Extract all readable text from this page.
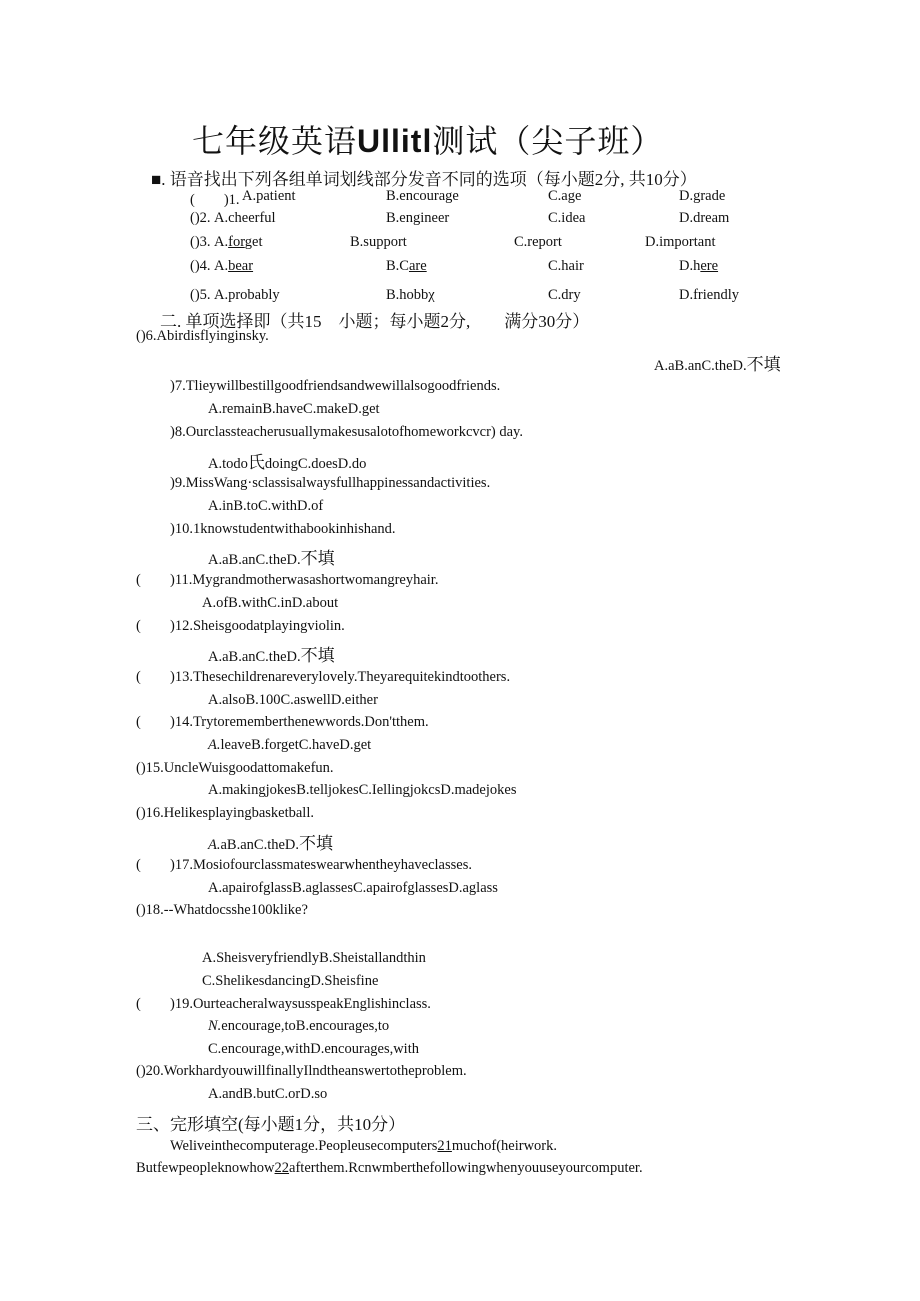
七年级英语Ullitl测试（尖子班）
■. 语音找出下列各组单词划线部分发音不同的选项（每小题2分, 共10分）
(　　)1. A.patient	B.encourage	C.age	D.grade
()2. A.cheerful	B.engineer	C.idea	D.dream
()3. A.forget	B.support	C.report	D.important
()4. A.bear	B.Care	C.hair	D.here
()5. A.probably	B.hobbχ	C.dry	D.friendly
二. 单项选择即（共15　小题；每小题2分,　　满分30分）
()6.Abirdisflyinginsky.
A.aB.anC.theD.不填
)7.Tlieywillbestillgoodfriendsandwewillalsogoodfriends.
A.remainB.haveC.makeD.get
)8.Ourclassteacherusuallymakesusalotofhomeworkcvcr) day.
A.todo氏doingC.doesD.do
)9.MissWang·sclassisalwaysfullhappinessandactivities.
A.inB.toC.withD.of
)10.1knowstudentwithabookinhishand.
A.aB.anC.theD.不填
( )11.Mygrandmotherwasashortwomangreyhair.
A.ofB.withC.inD.about
( )12.Sheisgoodatplayingviolin.
A.aB.anC.theD.不填
( )13.Thesechildrenareverylovely.Theyarequitekindtoothers.
A.alsoB.100C.aswellD.either
( )14.Trytorememberthenewwords.Don'tthem.
A.leaveB.forgetC.haveD.get
()15.UncleWuisgoodattomakefun.
A.makingjokesB.telljokesC.IellingjokcsD.madejokes
()16.Helikesplayingbasketball.
A.aB.anC.theD.不填
( )17.Mosiofourclassmateswearwhentheyhaveclasses.
A.apairofglassB.aglassesC.apairofglassesD.aglass
()18.--Whatdocsshe100klike?
A.SheisveryfriendlyB.Sheistallandthin
C.ShelikesdancingD.Sheisfine
( )19.OurteacheralwaysusspeakEnglishinclass.
N.encourage,toB.encourages,to
C.encourage,withD.encourages,with
()20.WorkhardyouwillfinallyIlndtheanswertotheproblem.
A.andB.butC.orD.so
三、完形填空(每小题1分，共10分）
Weliveinthecomputerage.Peopleusecomputers21muchof(heirwork.
Butfewpeopleknowhow22afterthem.Rcnwmberthefollowingwhenyouuseyourcomputer.
